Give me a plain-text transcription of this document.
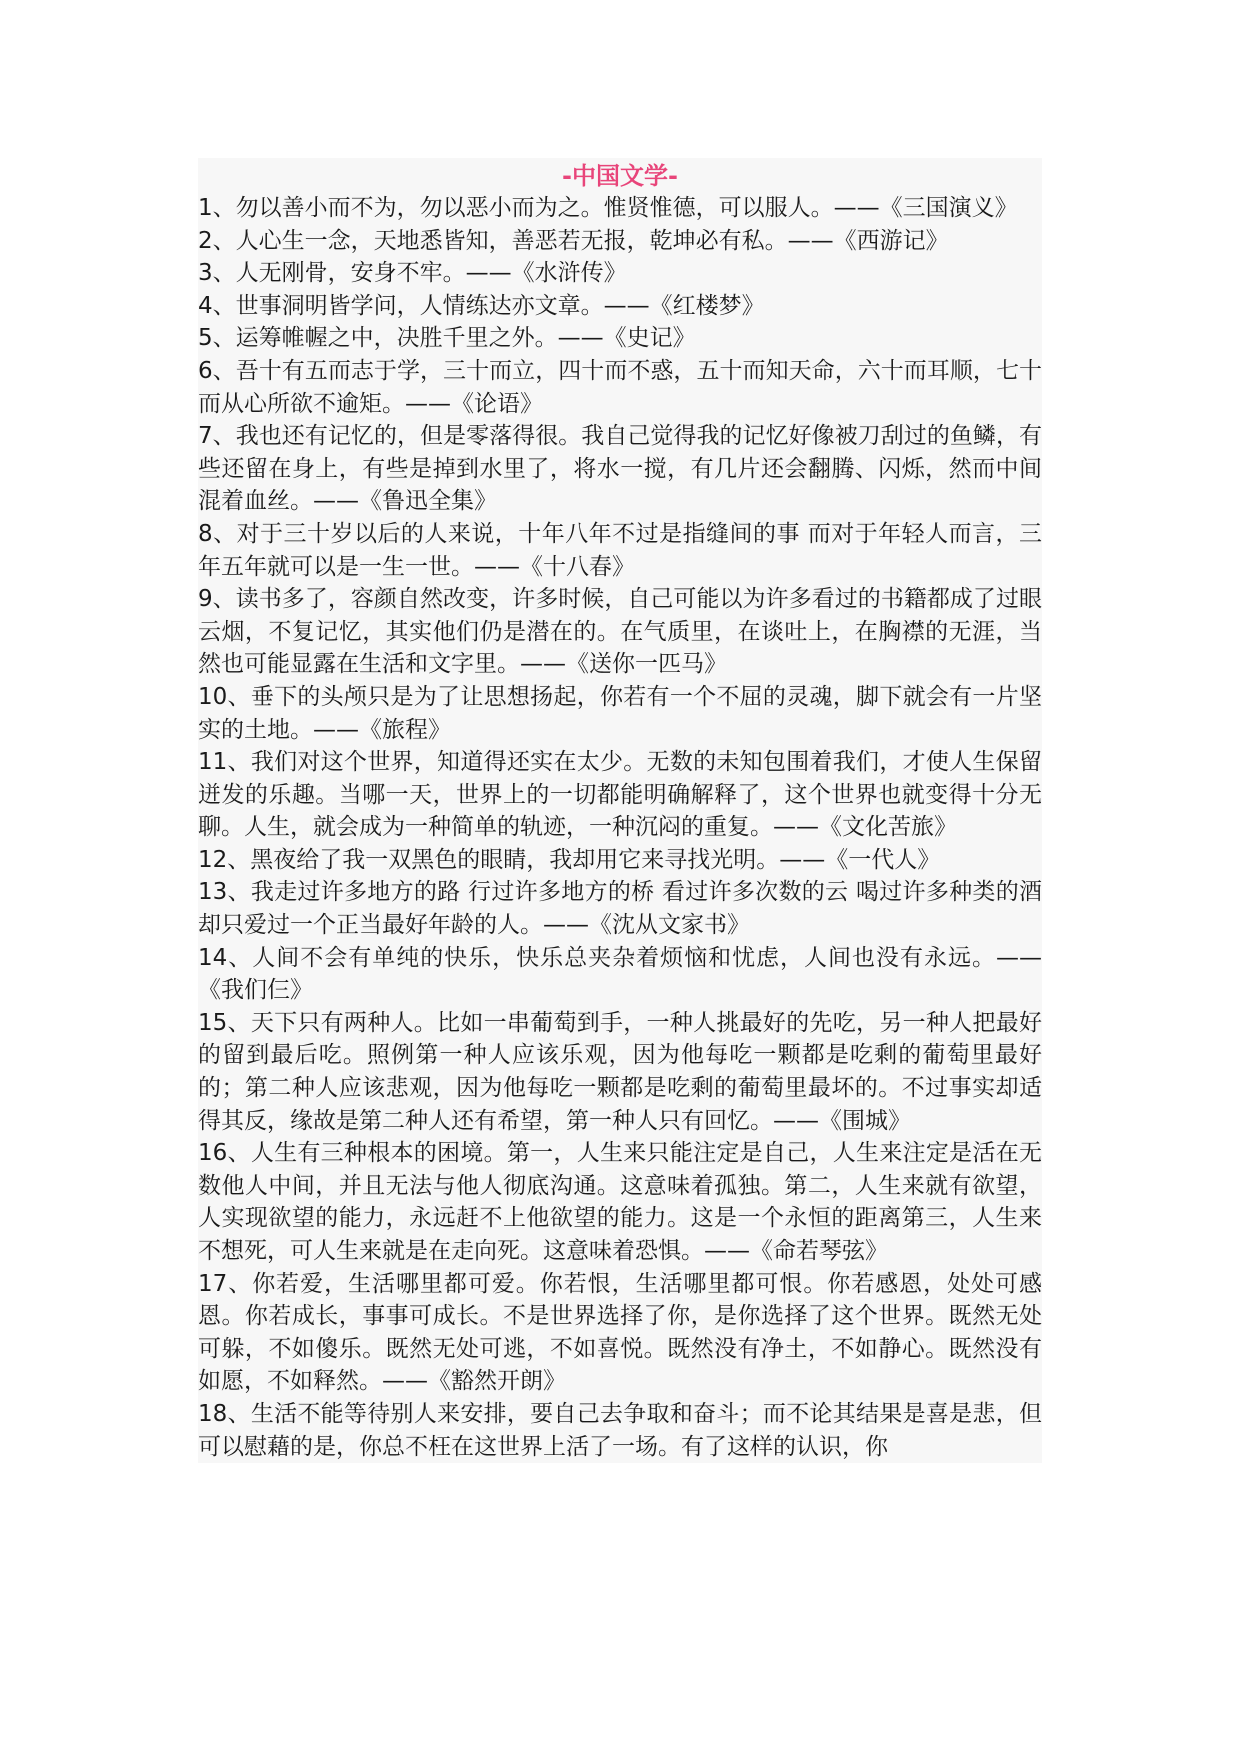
-中国文学-

1、勿以善小而不为，勿以恶小而为之。惟贤惟德，可以服人。——《三国演义》

2、人心生一念，天地悉皆知，善恶若无报，乾坤必有私。——《西游记》

3、人无刚骨，安身不牢。——《水浒传》

4、世事洞明皆学问，人情练达亦文章。——《红楼梦》

5、运筹帷幄之中，决胜千里之外。——《史记》

6、吾十有五而志于学，三十而立，四十而不惑，五十而知天命，六十而耳顺，七十而从心所欲不逾矩。——《论语》

7、我也还有记忆的，但是零落得很。我自己觉得我的记忆好像被刀刮过的鱼鳞，有些还留在身上，有些是掉到水里了，将水一搅，有几片还会翻腾、闪烁，然而中间混着血丝。——《鲁迅全集》

8、对于三十岁以后的人来说，十年八年不过是指缝间的事 而对于年轻人而言，三年五年就可以是一生一世。——《十八春》

9、读书多了，容颜自然改变，许多时候，自己可能以为许多看过的书籍都成了过眼云烟，不复记忆，其实他们仍是潜在的。在气质里，在谈吐上，在胸襟的无涯，当然也可能显露在生活和文字里。——《送你一匹马》

10、垂下的头颅只是为了让思想扬起，你若有一个不屈的灵魂，脚下就会有一片坚实的土地。——《旅程》

11、我们对这个世界，知道得还实在太少。无数的未知包围着我们，才使人生保留迸发的乐趣。当哪一天，世界上的一切都能明确解释了，这个世界也就变得十分无聊。人生，就会成为一种简单的轨迹，一种沉闷的重复。——《文化苦旅》

12、黑夜给了我一双黑色的眼睛，我却用它来寻找光明。——《一代人》

13、我走过许多地方的路 行过许多地方的桥 看过许多次数的云 喝过许多种类的酒 却只爱过一个正当最好年龄的人。——《沈从文家书》

14、人间不会有单纯的快乐，快乐总夹杂着烦恼和忧虑，人间也没有永远。——《我们仨》

15、天下只有两种人。比如一串葡萄到手，一种人挑最好的先吃，另一种人把最好的留到最后吃。照例第一种人应该乐观，因为他每吃一颗都是吃剩的葡萄里最好的；第二种人应该悲观，因为他每吃一颗都是吃剩的葡萄里最坏的。不过事实却适得其反，缘故是第二种人还有希望，第一种人只有回忆。——《围城》

16、人生有三种根本的困境。第一，人生来只能注定是自己，人生来注定是活在无数他人中间，并且无法与他人彻底沟通。这意味着孤独。第二，人生来就有欲望，人实现欲望的能力，永远赶不上他欲望的能力。这是一个永恒的距离第三，人生来不想死，可人生来就是在走向死。这意味着恐惧。——《命若琴弦》

17、你若爱，生活哪里都可爱。你若恨，生活哪里都可恨。你若感恩，处处可感恩。你若成长，事事可成长。不是世界选择了你，是你选择了这个世界。既然无处可躲，不如傻乐。既然无处可逃，不如喜悦。既然没有净土，不如静心。既然没有如愿，不如释然。——《豁然开朗》

18、生活不能等待别人来安排，要自己去争取和奋斗；而不论其结果是喜是悲，但可以慰藉的是，你总不枉在这世界上活了一场。有了这样的认识，你
